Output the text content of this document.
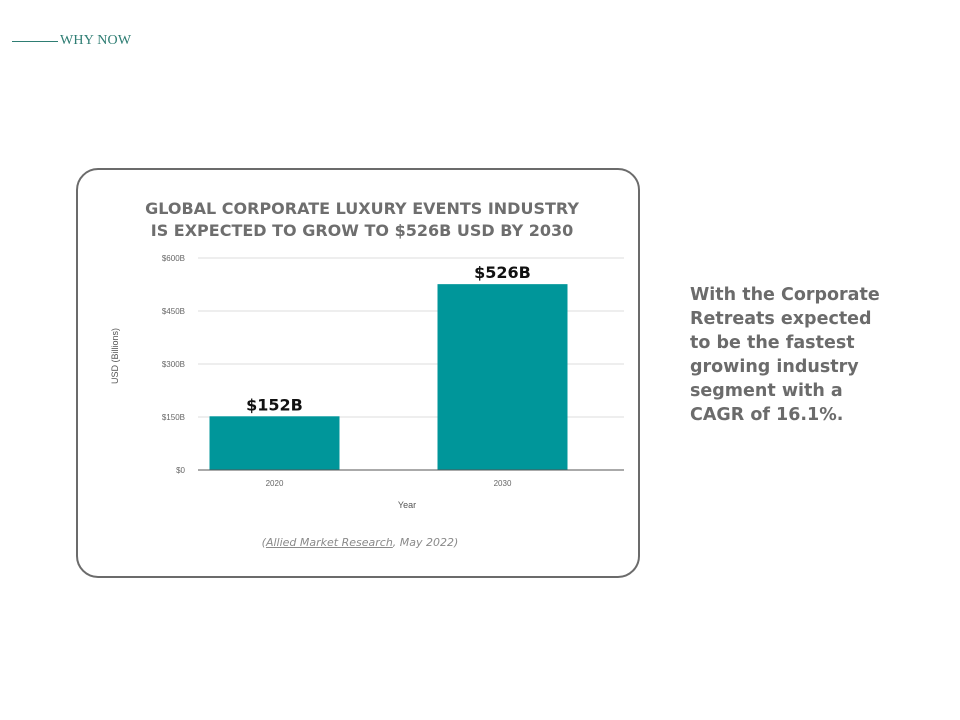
WHY NOW
GLOBAL CORPORATE LUXURY EVENTS INDUSTRY
IS EXPECTED TO GROW TO $526B USD BY 2030
$0
$150B
$300B
$450B
$600B
2020	2030
$152B
$526B
Year
USD (Billions)
(Allied Market Research, May 2022)
With the Corporate
Retreats expected
to be the fastest
growing industry
segment with a
CAGR of 16.1%.
